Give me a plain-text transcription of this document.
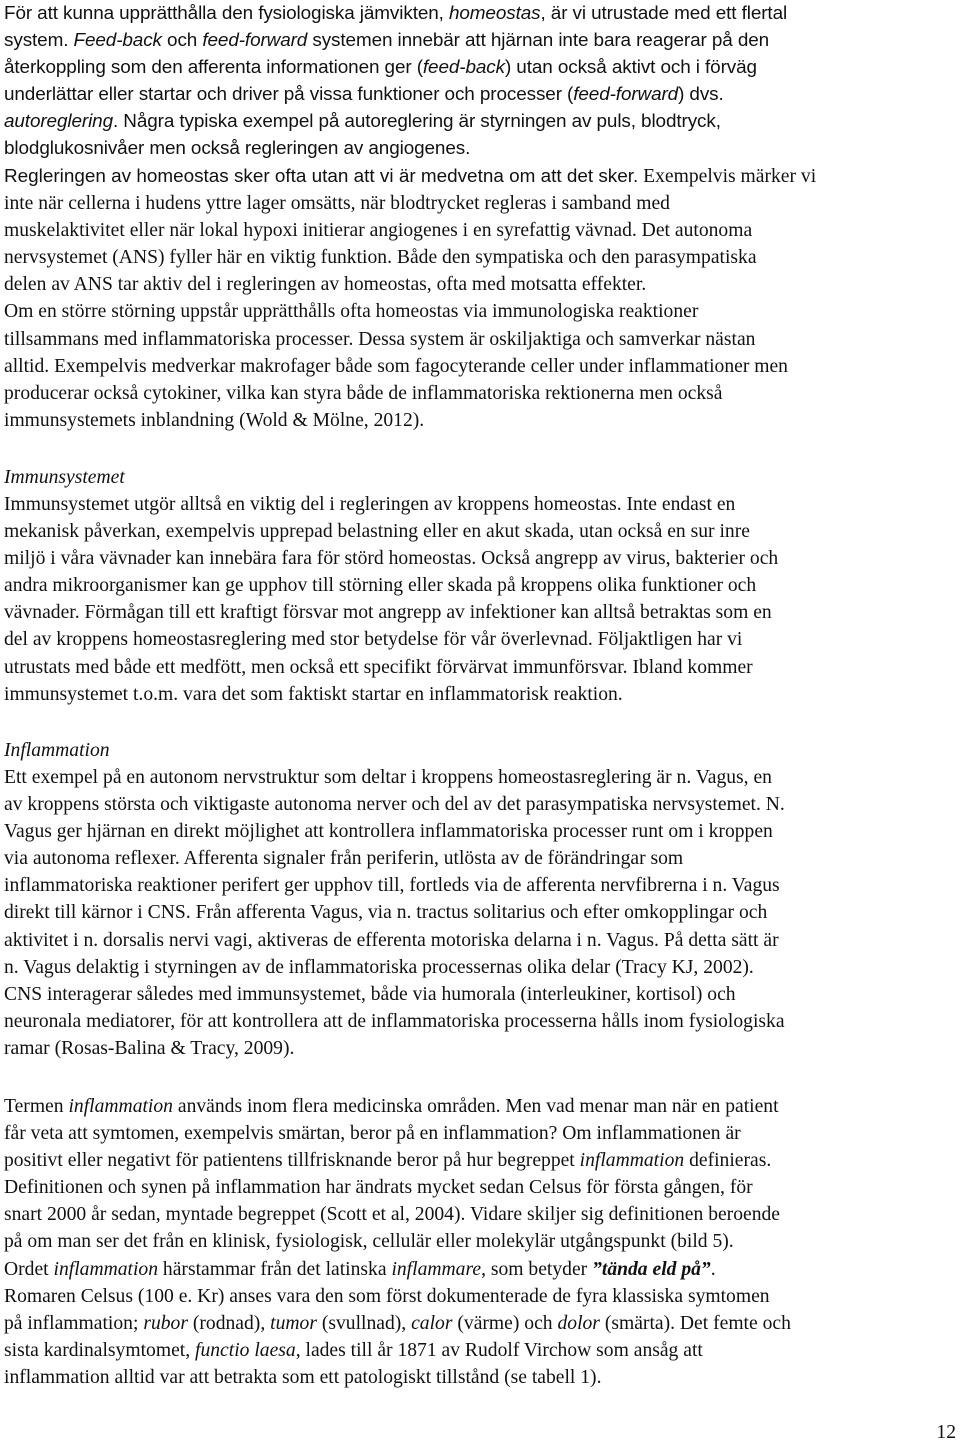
För att kunna upprätthålla den fysiologiska jämvikten, homeostas, är vi utrustade med ett flertal
system. Feed-back och feed-forward systemen innebär att hjärnan inte bara reagerar på den
återkoppling som den afferenta informationen ger (feed-back) utan också aktivt och i förväg
underlättar eller startar och driver på vissa funktioner och processer (feed-forward) dvs.
autoreglering. Några typiska exempel på autoreglering är styrningen av puls, blodtryck,
blodglukosnivåer men också regleringen av angiogenes.
Regleringen av homeostas sker ofta utan att vi är medvetna om att det sker. Exempelvis märker vi
inte när cellerna i hudens yttre lager omsätts, när blodtrycket regleras i samband med
muskelaktivitet eller när lokal hypoxi initierar angiogenes i en syrefattig vävnad. Det autonoma
nervsystemet (ANS) fyller här en viktig funktion. Både den sympatiska och den parasympatiska
delen av ANS tar aktiv del i regleringen av homeostas, ofta med motsatta effekter.
Om en större störning uppstår upprätthålls ofta homeostas via immunologiska reaktioner
tillsammans med inflammatoriska processer. Dessa system är oskiljaktiga och samverkar nästan
alltid. Exempelvis medverkar makrofager både som fagocyterande celler under inflammationer men
producerar också cytokiner, vilka kan styra både de inflammatoriska rektionerna men också
immunsystemets inblandning (Wold & Mölne, 2012).
Immunsystemet
Immunsystemet utgör alltså en viktig del i regleringen av kroppens homeostas. Inte endast en
mekanisk påverkan, exempelvis upprepad belastning eller en akut skada, utan också en sur inre
miljö i våra vävnader kan innebära fara för störd homeostas. Också angrepp av virus, bakterier och
andra mikroorganismer kan ge upphov till störning eller skada på kroppens olika funktioner och
vävnader. Förmågan till ett kraftigt försvar mot angrepp av infektioner kan alltså betraktas som en
del av kroppens homeostasreglering med stor betydelse för vår överlevnad. Följaktligen har vi
utrustats med både ett medfött, men också ett specifikt förvärvat immunförsvar. Ibland kommer
immunsystemet t.o.m. vara det som faktiskt startar en inflammatorisk reaktion.
Inflammation
Ett exempel på en autonom nervstruktur som deltar i kroppens homeostasreglering är n. Vagus, en
av kroppens största och viktigaste autonoma nerver och del av det parasympatiska nervsystemet. N.
Vagus ger hjärnan en direkt möjlighet att kontrollera inflammatoriska processer runt om i kroppen
via autonoma reflexer. Afferenta signaler från periferin, utlösta av de förändringar som
inflammatoriska reaktioner perifert ger upphov till, fortleds via de afferenta nervfibrerna i n. Vagus
direkt till kärnor i CNS. Från afferenta Vagus, via n. tractus solitarius och efter omkopplingar och
aktivitet i n. dorsalis nervi vagi, aktiveras de efferenta motoriska delarna i n. Vagus. På detta sätt är
n. Vagus delaktig i styrningen av de inflammatoriska processernas olika delar (Tracy KJ, 2002).
CNS interagerar således med immunsystemet, både via humorala (interleukiner, kortisol) och
neuronala mediatorer, för att kontrollera att de inflammatoriska processerna hålls inom fysiologiska
ramar (Rosas-Balina & Tracy, 2009).
Termen inflammation används inom flera medicinska områden. Men vad menar man när en patient
får veta att symtomen, exempelvis smärtan, beror på en inflammation? Om inflammationen är
positivt eller negativt för patientens tillfrisknande beror på hur begreppet inflammation definieras.
Definitionen och synen på inflammation har ändrats mycket sedan Celsus för första gången, för
snart 2000 år sedan, myntade begreppet (Scott et al, 2004). Vidare skiljer sig definitionen beroende
på om man ser det från en klinisk, fysiologisk, cellulär eller molekylär utgångspunkt (bild 5).
Ordet inflammation härstammar från det latinska inflammare, som betyder ”tända eld på”.
Romaren Celsus (100 e. Kr) anses vara den som först dokumenterade de fyra klassiska symtomen
på inflammation; rubor (rodnad), tumor (svullnad), calor (värme) och dolor (smärta). Det femte och
sista kardinalsymtomet, functio laesa, lades till år 1871 av Rudolf Virchow som ansåg att
inflammation alltid var att betrakta som ett patologiskt tillstånd (se tabell 1).
12
